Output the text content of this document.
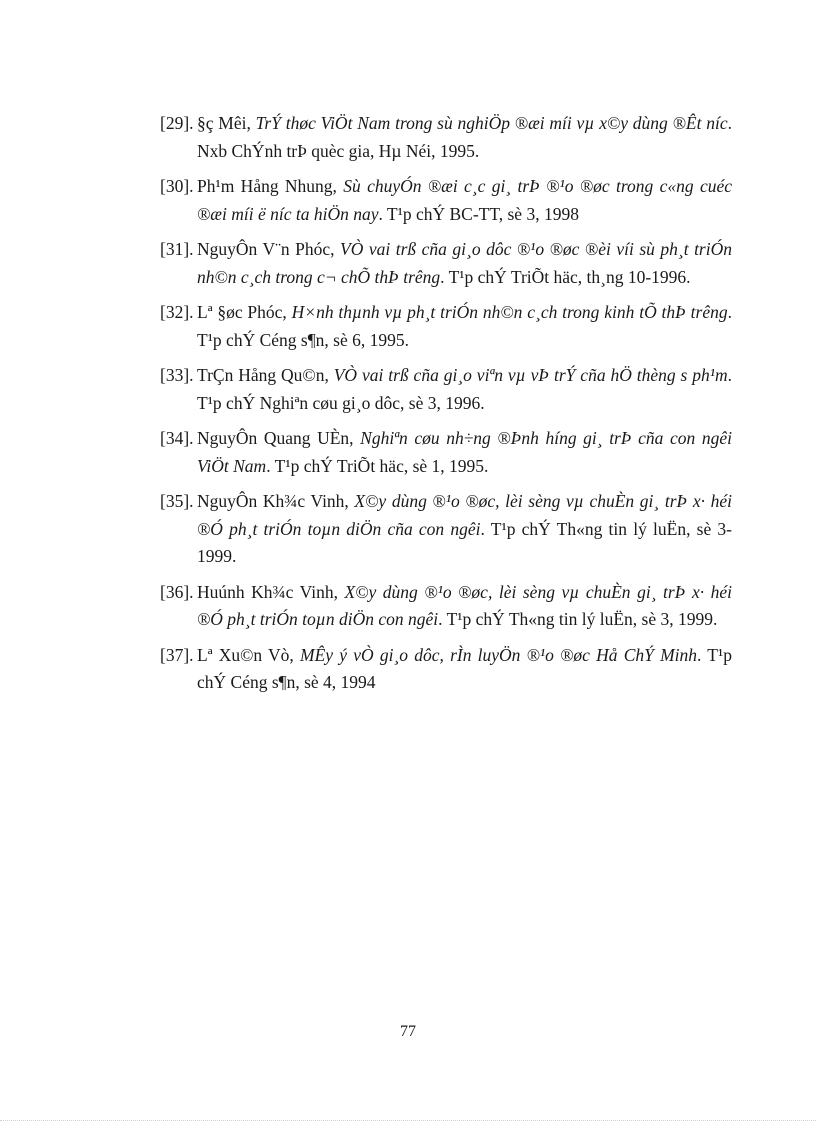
[29]. §ç Mêi, TrÝ thøc ViÖt Nam trong sù nghiÖp ®æi míi vµ x©y dùng ®Êt níc. Nxb ChÝnh trÞ quèc gia, Hµ Néi, 1995.
[30]. Ph¹m Hång Nhung, Sù chuyÓn ®æi c¸c gi¸ trÞ ®¹o ®øc trong c«ng cuéc ®æi míi ë níc ta hiÖn nay. T¹p chÝ BC-TT, sè 3, 1998
[31]. NguyÔn V¨n Phóc, VÒ vai trß cña gi¸o dôc ®¹o ®øc ®èi víi sù ph¸t triÓn nh©n c¸ch trong c¬ chÕ thÞ trêng. T¹p chÝ TriÕt häc, th¸ng 10-1996.
[32]. Lª §øc Phóc, H×nh thµnh vµ ph¸t triÓn nh©n c¸ch trong kinh tÕ thÞ trêng. T¹p chÝ Céng s¶n, sè 6, 1995.
[33]. TrÇn Hång Qu©n, VÒ vai trß cña gi¸o viªn vµ vÞ trÝ cña hÖ thèng s ph¹m. T¹p chÝ Nghiªn cøu gi¸o dôc, sè 3, 1996.
[34]. NguyÔn Quang UÈn, Nghiªn cøu nh÷ng ®Þnh híng gi¸ trÞ cña con ngêi ViÖt Nam. T¹p chÝ TriÕt häc, sè 1, 1995.
[35]. NguyÔn Kh¾c Vinh, X©y dùng ®¹o ®øc, lèi sèng vµ chuÈn gi¸ trÞ x· héi ®Ó ph¸t triÓn toµn diÖn cña con ngêi. T¹p chÝ Th«ng tin lý luËn, sè 3-1999.
[36]. Huúnh Kh¾c Vinh, X©y dùng ®¹o ®øc, lèi sèng vµ chuÈn gi¸ trÞ x· héi ®Ó ph¸t triÓn toµn diÖn con ngêi. T¹p chÝ Th«ng tin lý luËn, sè 3, 1999.
[37]. Lª Xu©n Vò, MÊy ý vÒ gi¸o dôc, rÌn luyÖn ®¹o ®øc Hå ChÝ Minh. T¹p chÝ Céng s¶n, sè 4, 1994
77
